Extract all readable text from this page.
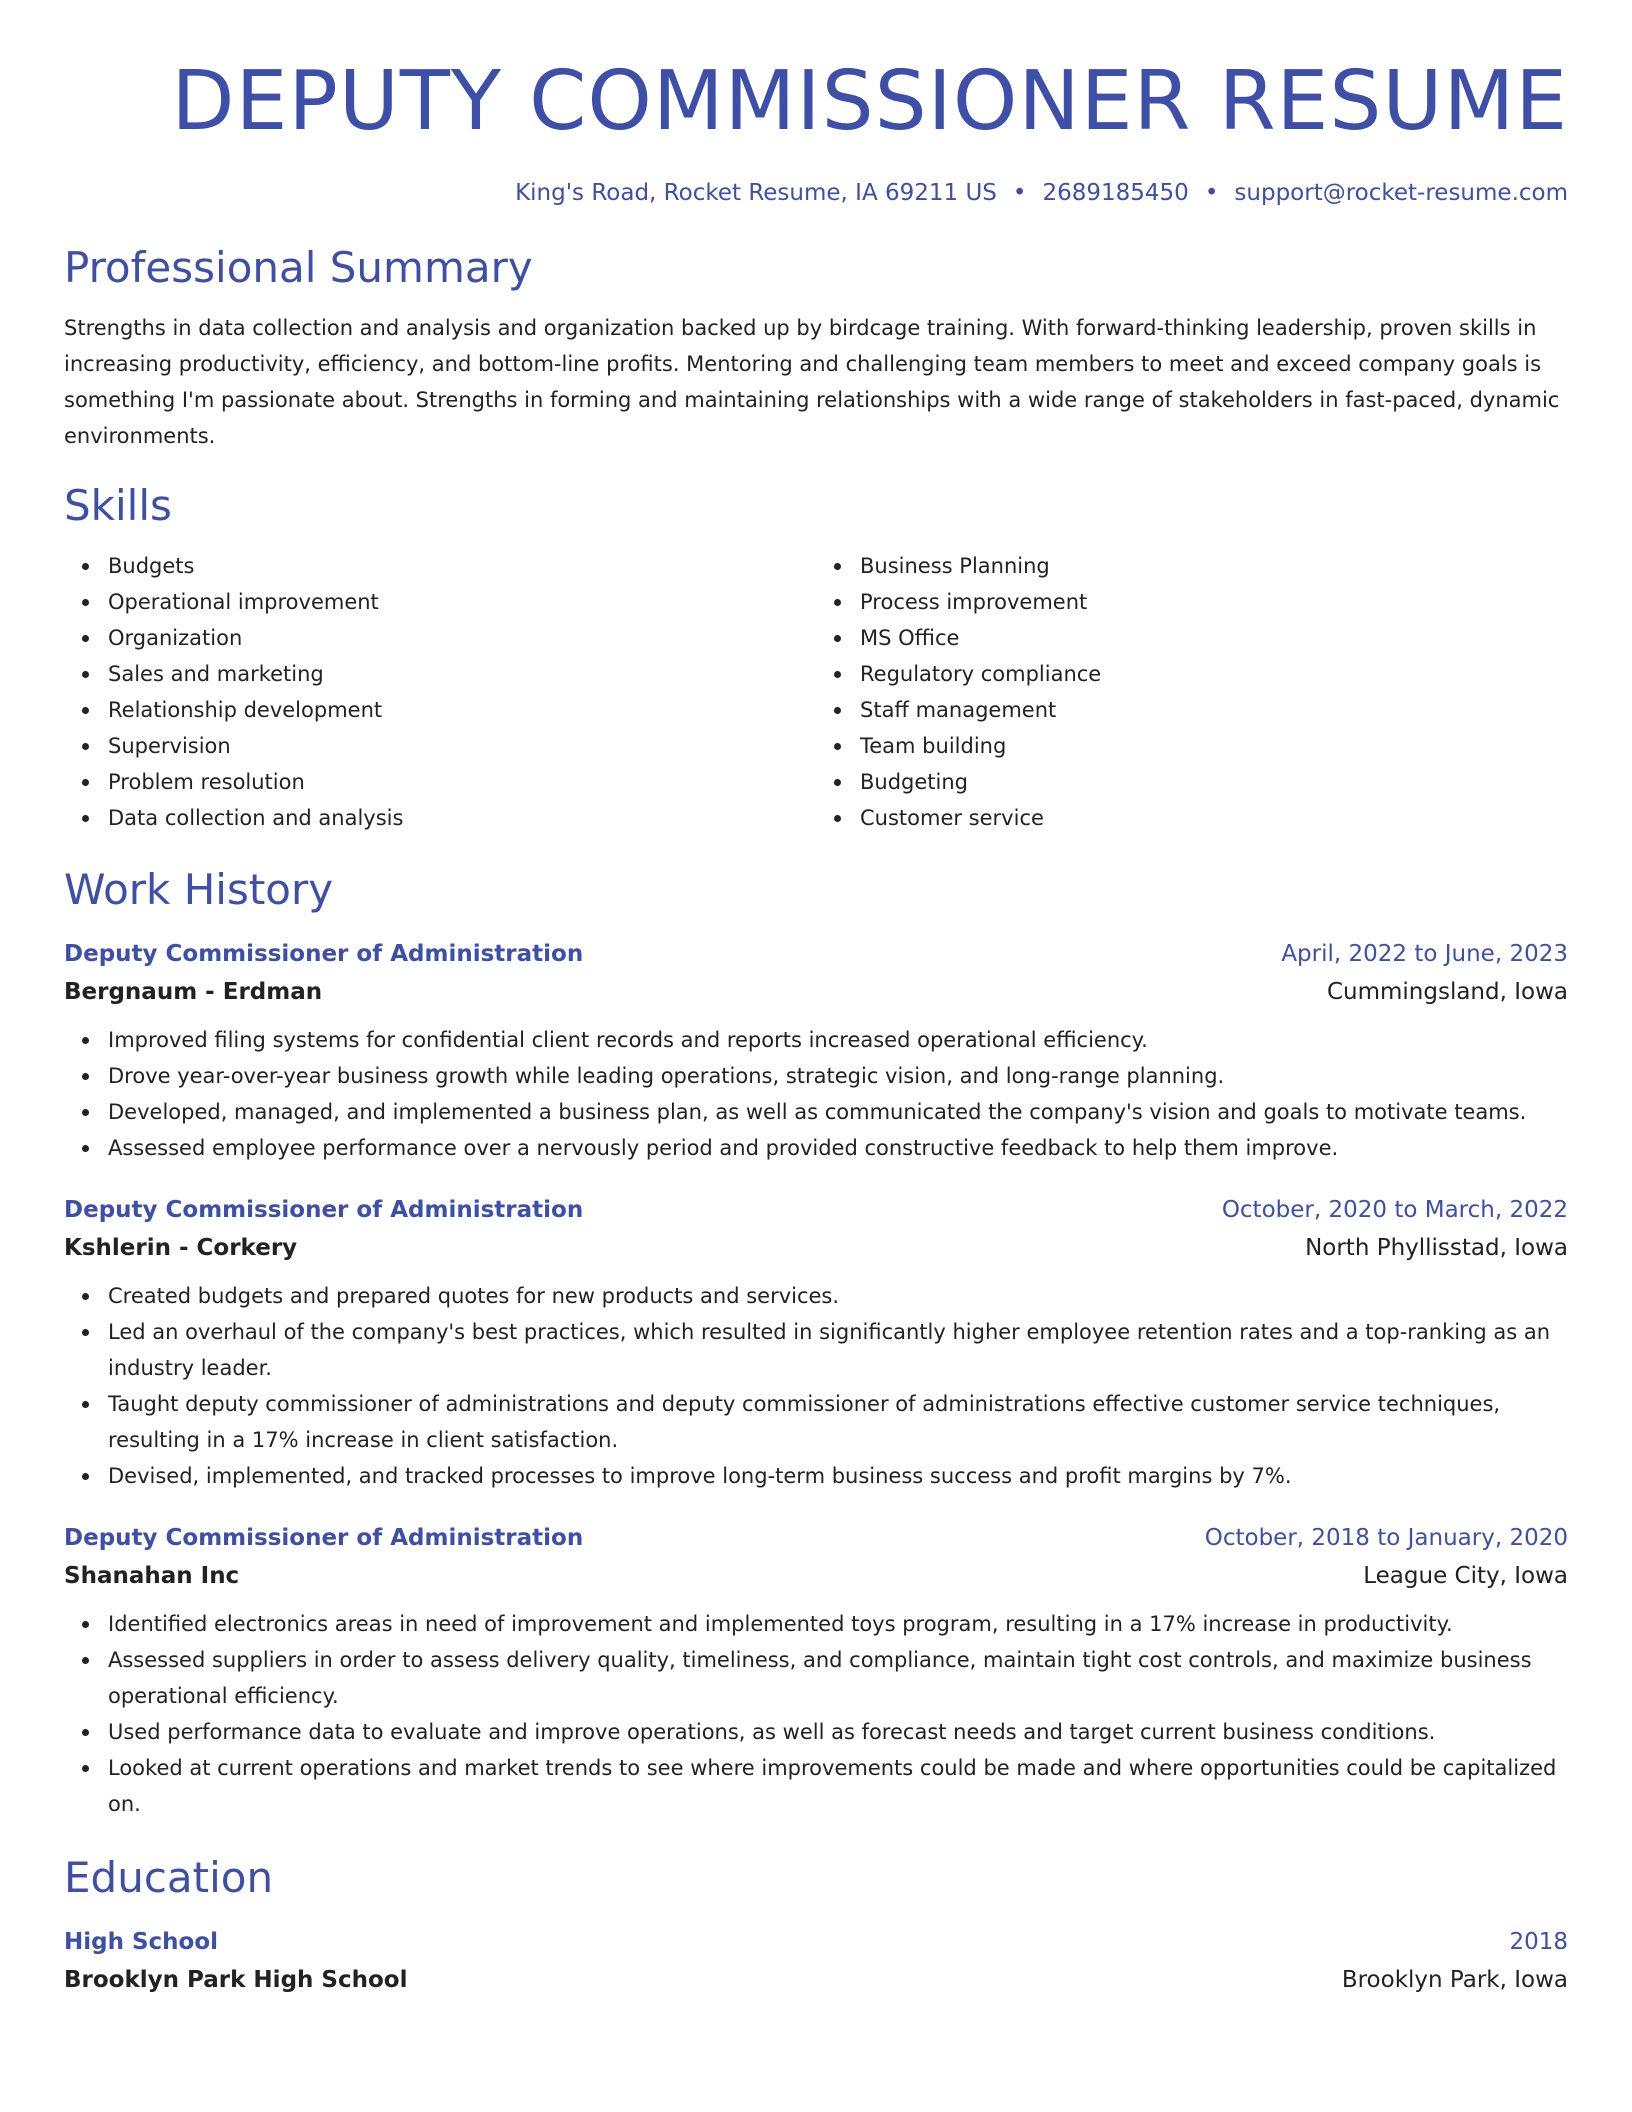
DEPUTY COMMISSIONER RESUME
King's Road, Rocket Resume, IA 69211 US • 2689185450 • support@rocket-resume.com
Professional Summary

Strengths in data collection and analysis and organization backed up by birdcage training. With forward-thinking leadership, proven skills in increasing productivity, efficiency, and bottom-line profits. Mentoring and challenging team members to meet and exceed company goals is something I'm passionate about. Strengths in forming and maintaining relationships with a wide range of stakeholders in fast-paced, dynamic environments.

Skills
Budgets
Operational improvement
Organization
Sales and marketing
Relationship development
Supervision
Problem resolution
Data collection and analysis
Business Planning
Process improvement
MS Office
Regulatory compliance
Staff management
Team building
Budgeting
Customer service
Work History
Deputy Commissioner of Administration	April, 2022 to June, 2023
Bergnaum - Erdman	Cummingsland, Iowa
Improved filing systems for confidential client records and reports increased operational efficiency.
Drove year-over-year business growth while leading operations, strategic vision, and long-range planning.
Developed, managed, and implemented a business plan, as well as communicated the company's vision and goals to motivate teams.
Assessed employee performance over a nervously period and provided constructive feedback to help them improve.
Deputy Commissioner of Administration	October, 2020 to March, 2022
Kshlerin - Corkery	North Phyllisstad, Iowa
Created budgets and prepared quotes for new products and services.
Led an overhaul of the company's best practices, which resulted in significantly higher employee retention rates and a top-ranking as an industry leader.
Taught deputy commissioner of administrations and deputy commissioner of administrations effective customer service techniques, resulting in a 17% increase in client satisfaction.
Devised, implemented, and tracked processes to improve long-term business success and profit margins by 7%.
Deputy Commissioner of Administration	October, 2018 to January, 2020
Shanahan Inc	League City, Iowa
Identified electronics areas in need of improvement and implemented toys program, resulting in a 17% increase in productivity.
Assessed suppliers in order to assess delivery quality, timeliness, and compliance, maintain tight cost controls, and maximize business operational efficiency.
Used performance data to evaluate and improve operations, as well as forecast needs and target current business conditions.
Looked at current operations and market trends to see where improvements could be made and where opportunities could be capitalized on.
Education
High School	2018
Brooklyn Park High School	Brooklyn Park, Iowa
